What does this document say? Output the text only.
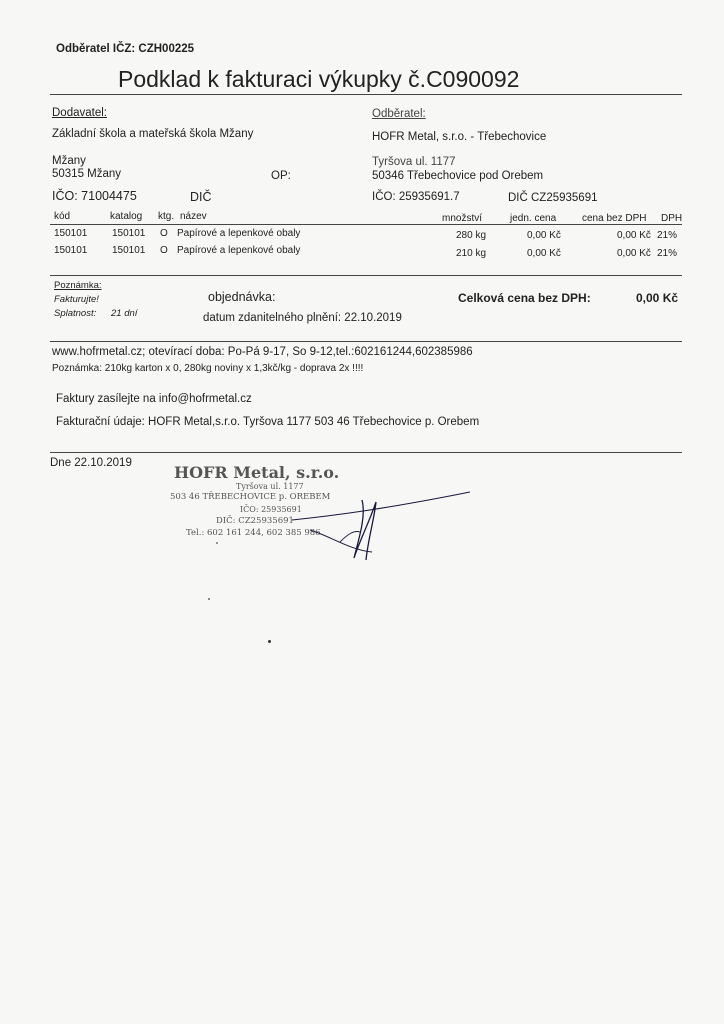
Odběratel IČZ: CZH00225
Podklad k fakturaci výkupky č.C090092
Dodavatel:
Základní škola a mateřská škola Mžany
Mžany
50315 Mžany	OP:
IČO: 71004475	DIČ
Odběratel:
HOFR Metal, s.r.o. - Třebechovice
Tyršova ul. 1177
50346 Třebechovice pod Orebem
IČO: 25935691.7	DIČ CZ25935691
kód	katalog ktg. název	množství	jedn. cena	cena bez DPH DPH
150101 150101 O Papírové a lepenkové obaly	280 kg	0,00 Kč	0,00 Kč 21%
150101 150101 O Papírové a lepenkové obaly	210 kg	0,00 Kč	0,00 Kč 21%
Poznámka:
Fakturujte!
Splatnost: 21 dní
objednávka:
datum zdanitelného plnění: 22.10.2019
Celková cena bez DPH:	0,00 Kč
www.hofrmetal.cz; otevírací doba: Po-Pá 9-17, So 9-12,tel.:602161244,602385986
Poznámka: 210kg karton x 0, 280kg noviny x 1,3kč/kg - doprava 2x !!!!
Faktury zasílejte na info@hofrmetal.cz
Fakturační údaje: HOFR Metal,s.r.o. Tyršova 1177 503 46 Třebechovice p. Orebem
Dne 22.10.2019	HOFR Metal, s.r.o.
Tyršova ul. 1177
503 46 TŘEBECHOVICE p. OREBEM
IČO: 25935691
DIČ: CZ25935691
Tel.: 602 161 244, 602 385 986
